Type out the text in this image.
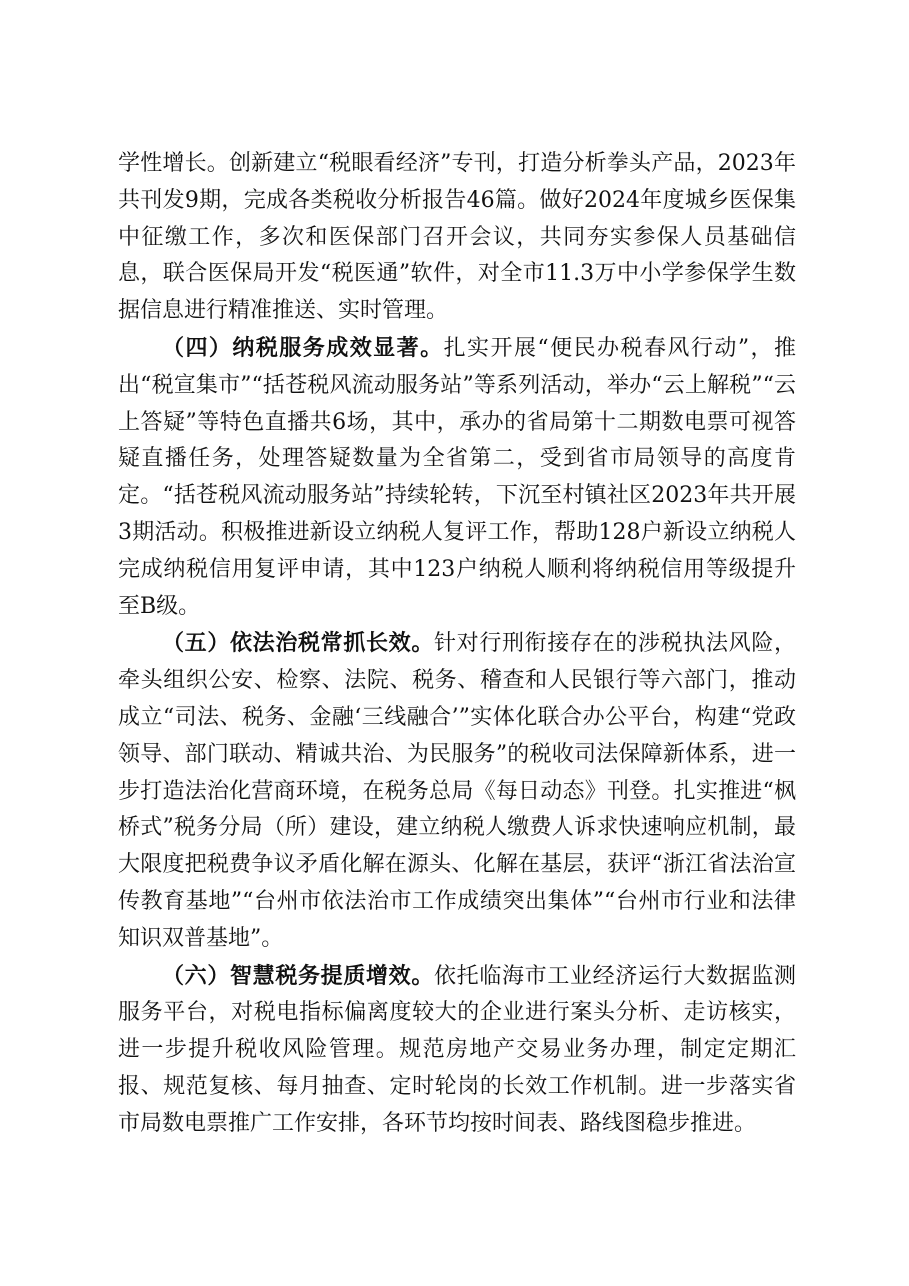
学性增长。创新建立“税眼看经济”专刊，打造分析拳头产品，2023年共刊发9期，完成各类税收分析报告46篇。做好2024年度城乡医保集中征缴工作，多次和医保部门召开会议，共同夯实参保人员基础信息，联合医保局开发“税医通”软件，对全市11.3万中小学参保学生数据信息进行精准推送、实时管理。

（四）纳税服务成效显著。扎实开展“便民办税春风行动”，推出“税宣集市”“括苍税风流动服务站”等系列活动，举办“云上解税”“云上答疑”等特色直播共6场，其中，承办的省局第十二期数电票可视答疑直播任务，处理答疑数量为全省第二，受到省市局领导的高度肯定。“括苍税风流动服务站”持续轮转，下沉至村镇社区2023年共开展3期活动。积极推进新设立纳税人复评工作，帮助128户新设立纳税人完成纳税信用复评申请，其中123户纳税人顺利将纳税信用等级提升至B级。

（五）依法治税常抓长效。针对行刑衔接存在的涉税执法风险，牵头组织公安、检察、法院、税务、稽查和人民银行等六部门，推动成立“司法、税务、金融‘三线融合’”实体化联合办公平台，构建“党政领导、部门联动、精诚共治、为民服务”的税收司法保障新体系，进一步打造法治化营商环境，在税务总局《每日动态》刊登。扎实推进“枫桥式”税务分局（所）建设，建立纳税人缴费人诉求快速响应机制，最大限度把税费争议矛盾化解在源头、化解在基层，获评“浙江省法治宣传教育基地”“台州市依法治市工作成绩突出集体”“台州市行业和法律知识双普基地”。

（六）智慧税务提质增效。依托临海市工业经济运行大数据监测服务平台，对税电指标偏离度较大的企业进行案头分析、走访核实，进一步提升税收风险管理。规范房地产交易业务办理，制定定期汇报、规范复核、每月抽查、定时轮岗的长效工作机制。进一步落实省市局数电票推广工作安排，各环节均按时间表、路线图稳步推进。
